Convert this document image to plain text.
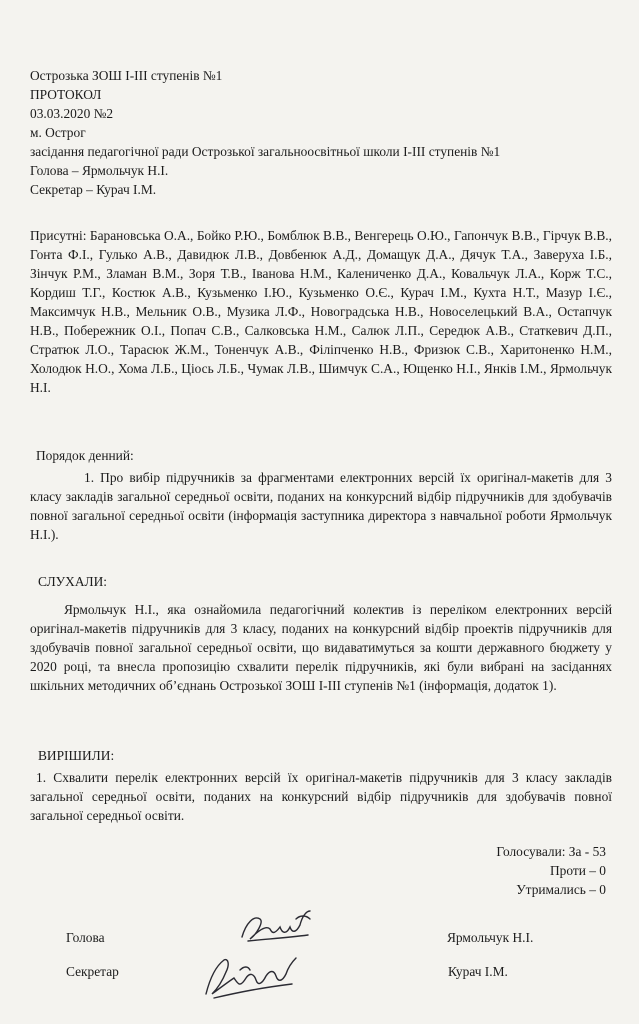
Острозька ЗОШ І-ІІІ ступенів №1
ПРОТОКОЛ
03.03.2020 №2
м. Острог
засідання педагогічної ради Острозької загальноосвітньої школи І-ІІІ ступенів №1
Голова – Ярмольчук Н.І.
Секретар – Курач І.М.

Присутні: Барановська О.А., Бойко Р.Ю., Бомблюк В.В., Венгерець О.Ю., Гапончук В.В., Гірчук В.В., Гонта Ф.І., Гулько А.В., Давидюк Л.В., Довбенюк А.Д., Домащук Д.А., Дячук Т.А., Заверуха І.Б., Зінчук Р.М., Зламан В.М., Зоря Т.В., Іванова Н.М., Калениченко Д.А., Ковальчук Л.А., Корж Т.С., Кордиш Т.Г., Костюк А.В., Кузьменко І.Ю., Кузьменко О.Є., Курач І.М., Кухта Н.Т., Мазур І.Є., Максимчук Н.В., Мельник О.В., Музика Л.Ф., Новоградська Н.В., Новоселецький В.А., Остапчук Н.В., Побережник О.І., Попач С.В., Салковська Н.М., Салюк Л.П., Середюк А.В., Статкевич Д.П., Стратюк Л.О., Тарасюк Ж.М., Тоненчук А.В., Філіпченко Н.В., Фризюк С.В., Харитоненко Н.М., Холодюк Н.О., Хома Л.Б., Ціось Л.Б., Чумак Л.В., Шимчук С.А., Ющенко Н.І., Янків І.М., Ярмольчук Н.І.

Порядок денний:

1. Про вибір підручників за фрагментами електронних версій їх оригінал-макетів для 3 класу закладів загальної середньої освіти, поданих на конкурсний відбір підручників для здобувачів повної загальної середньої освіти (інформація заступника директора з навчальної роботи Ярмольчук Н.І.).

СЛУХАЛИ:

Ярмольчук Н.І., яка ознайомила педагогічний колектив із переліком електронних версій оригінал-макетів підручників для 3 класу, поданих на конкурсний відбір проектів підручників для здобувачів повної загальної середньої освіти, що видаватимуться за кошти державного бюджету у 2020 році, та внесла пропозицію схвалити перелік підручників, які були вибрані на засіданнях шкільних методичних об’єднань Острозької ЗОШ І-ІІІ ступенів №1 (інформація, додаток 1).

ВИРІШИЛИ:

1. Схвалити перелік електронних версій їх оригінал-макетів підручників для 3 класу закладів загальної середньої освіти, поданих на конкурсний відбір підручників для здобувачів повної загальної середньої освіти.

Голосували: За - 53
Проти – 0
Утримались – 0
Голова	Ярмольчук Н.І.
Секретар	Курач І.М.
